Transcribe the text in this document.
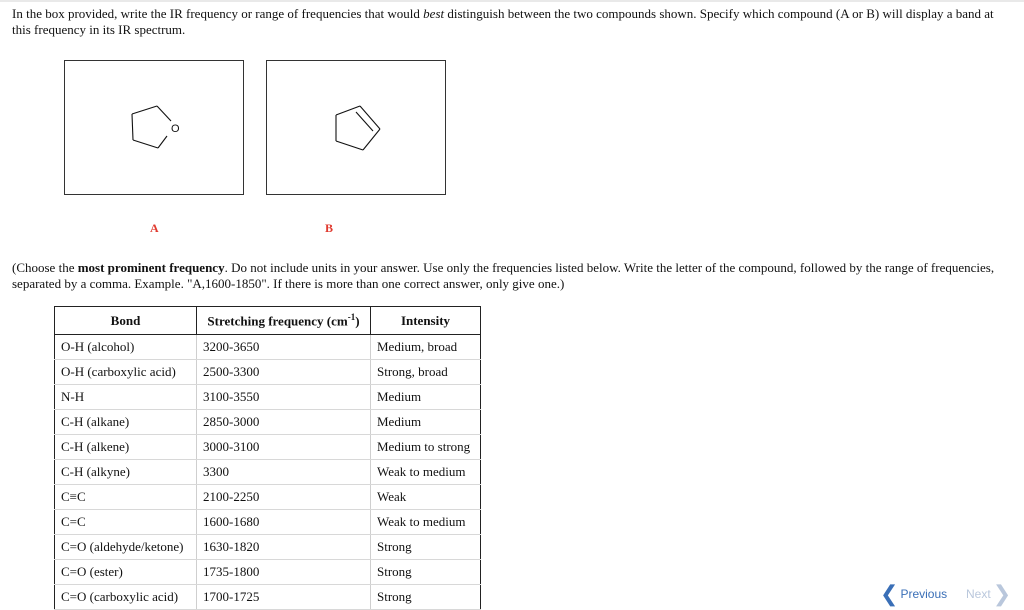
In the box provided, write the IR frequency or range of frequencies that would best distinguish between the two compounds shown. Specify which compound (A or B) will display a band at this frequency in its IR spectrum.
O
A	B
(Choose the most prominent frequency. Do not include units in your answer. Use only the frequencies listed below. Write the letter of the compound, followed by the range of frequencies, separated by a comma. Example. "A,1600-1850". If there is more than one correct answer, only give one.)
Bond	Stretching frequency $(cm^{-1})$	Intensity
O-H (alcohol)	3200-3650	Medium, broad
O-H (carboxylic acid)	2500-3300	Strong, broad
N-H	3100-3550	Medium
C-H (alkane)	2850-3000	Medium
C-H (alkene)	3000-3100	Medium to strong
C-H (alkyne)	3300	Weak to medium
C≡C	2100-2250	Weak
C=C	1600-1680	Weak to medium
C=O (aldehyde/ketone)	1630-1820	Strong
C=O (ester)	1735-1800	Strong
C=O (carboxylic acid)	1700-1725	Strong	❮ Previous Next ❯
